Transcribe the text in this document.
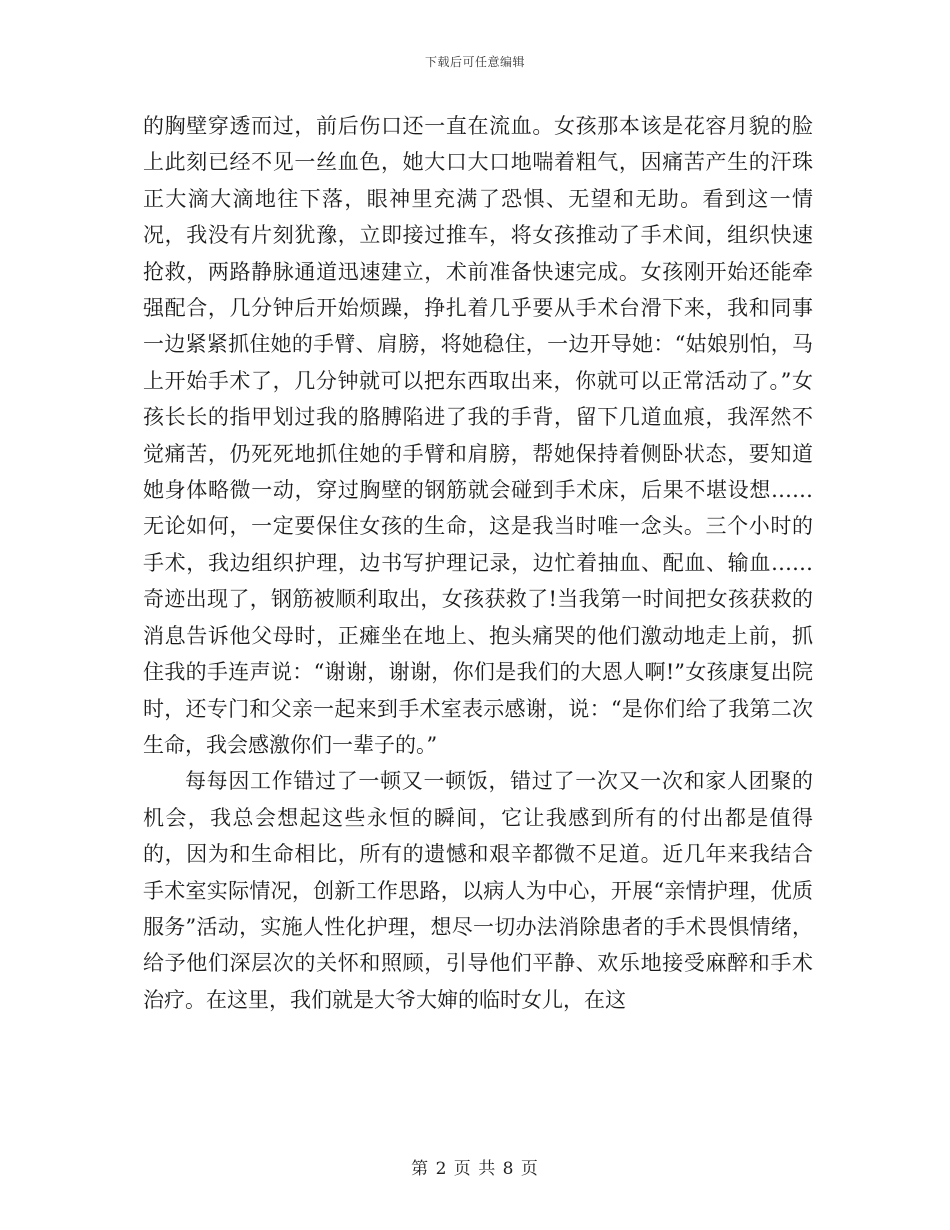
下载后可任意编辑

的胸壁穿透而过，前后伤口还一直在流血。女孩那本该是花容月貌的脸上此刻已经不见一丝血色，她大口大口地喘着粗气，因痛苦产生的汗珠正大滴大滴地往下落，眼神里充满了恐惧、无望和无助。看到这一情况，我没有片刻犹豫，立即接过推车，将女孩推动了手术间，组织快速抢救，两路静脉通道迅速建立，术前准备快速完成。女孩刚开始还能牵强配合，几分钟后开始烦躁，挣扎着几乎要从手术台滑下来，我和同事一边紧紧抓住她的手臂、肩膀，将她稳住，一边开导她：“姑娘别怕，马上开始手术了，几分钟就可以把东西取出来，你就可以正常活动了。”女孩长长的指甲划过我的胳膊陷进了我的手背，留下几道血痕，我浑然不觉痛苦，仍死死地抓住她的手臂和肩膀，帮她保持着侧卧状态，要知道她身体略微一动，穿过胸壁的钢筋就会碰到手术床，后果不堪设想……无论如何，一定要保住女孩的生命，这是我当时唯一念头。三个小时的手术，我边组织护理，边书写护理记录，边忙着抽血、配血、输血……奇迹出现了，钢筋被顺利取出，女孩获救了!当我第一时间把女孩获救的消息告诉他父母时，正瘫坐在地上、抱头痛哭的他们激动地走上前，抓住我的手连声说：“谢谢，谢谢，你们是我们的大恩人啊!”女孩康复出院时，还专门和父亲一起来到手术室表示感谢，说：“是你们给了我第二次生命，我会感激你们一辈子的。”

每每因工作错过了一顿又一顿饭，错过了一次又一次和家人团聚的机会，我总会想起这些永恒的瞬间，它让我感到所有的付出都是值得的，因为和生命相比，所有的遗憾和艰辛都微不足道。近几年来我结合手术室实际情况，创新工作思路，以病人为中心，开展“亲情护理，优质服务”活动，实施人性化护理，想尽一切办法消除患者的手术畏惧情绪，给予他们深层次的关怀和照顾，引导他们平静、欢乐地接受麻醉和手术治疗。在这里，我们就是大爷大婶的临时女儿，在这

第 2 页 共 8 页
